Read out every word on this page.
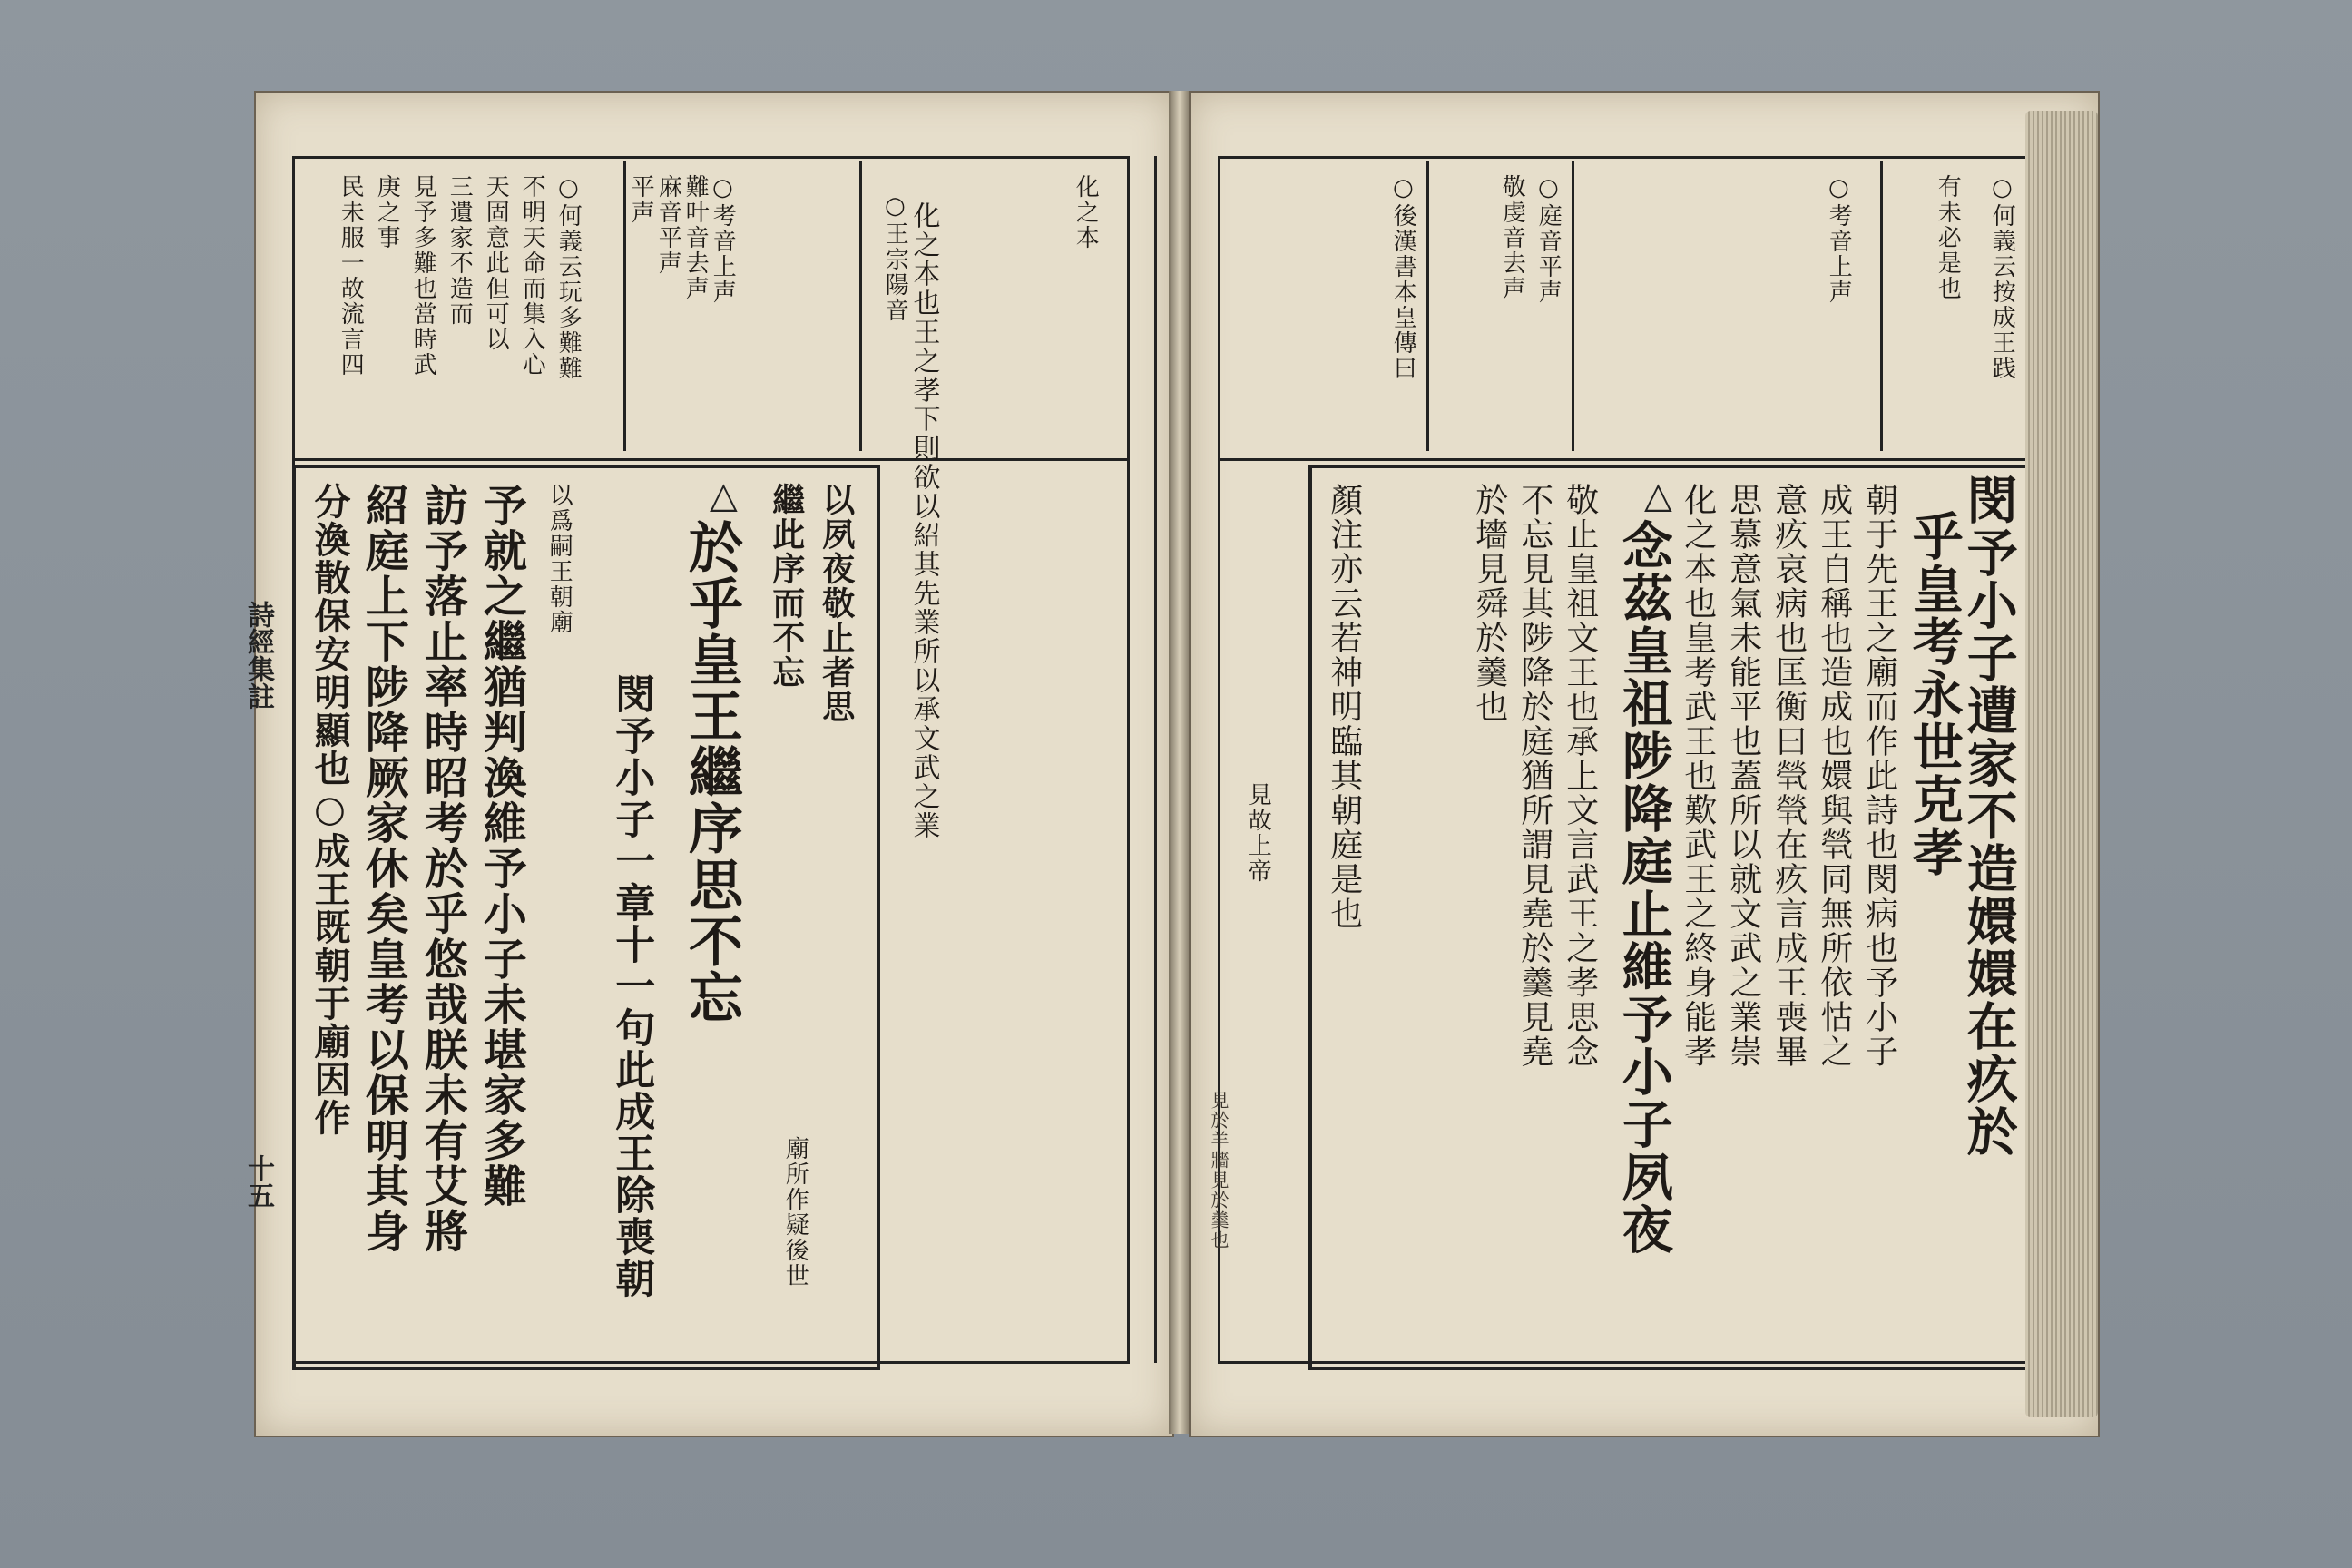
○何義云玩多難難
不明天命而集入心
天固意此但可以
三遺家不造而
見予多難也當時武
庚之事
民未服一故流言四	○考音上声
難叶音去声
麻音平声
平声	○王宗陽音	化之本
分渙散保安明顯也○成王既朝于廟因作 紹庭上下陟降厥家休矣皇考以保明其身 訪予落止率時昭考於乎悠哉朕未有艾將 予就之繼猶判渙維予小子未堪家多難 以爲嗣王朝廟
閔予小子一章十一句此成王除喪朝 於乎皇王繼序思不忘
廟所作疑後世
以夙夜敬止者思
繼此序而不忘
△	化之本也王之孝下則欲以紹其先業所以承文武之業
詩經集註
十五
○何義云按成王践
有未必是也
○考音上声
○庭音平声
敬虔音去声
○後漢書本皇傳曰
閔予小子遭家不造嬛嬛在疚於
乎皇考永世克孝
朝于先王之廟而作此詩也閔病也予小子
成王自稱也造成也嬛與煢同無所依怙之
意疚哀病也匡衡曰煢煢在疚言成王喪畢
思慕意氣未能平也蓋所以就文武之業崇
化之本也皇考武王也歎武王之終身能孝
念茲皇祖陟降庭止維予小子夙夜
敬止皇祖文王也承上文言武王之孝思念
不忘見其陟降於庭猶所謂見堯於羹見堯
於墻見舜於羹也
顏注亦云若神明臨其朝庭是也	△
見故上帝
見於羊牆見於羹也
